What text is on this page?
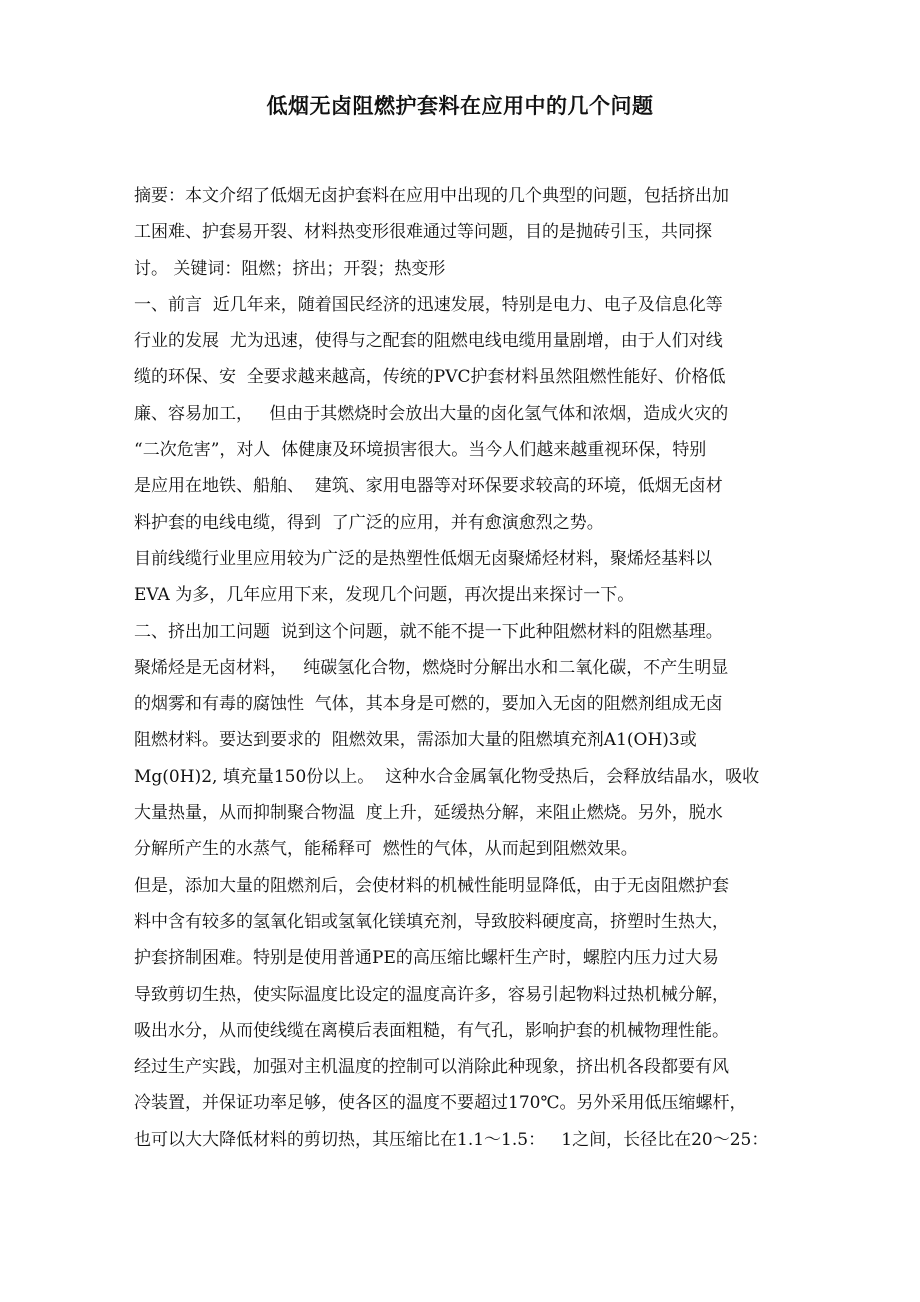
低烟无卤阻燃护套料在应用中的几个问题
摘要：本文介绍了低烟无卤护套料在应用中出现的几个典型的问题，包括挤出加
工困难、护套易开裂、材料热变形很难通过等问题，目的是抛砖引玉，共同探
讨。 关键词：阻燃；挤出；开裂；热变形
一、前言  近几年来，随着国民经济的迅速发展，特别是电力、电子及信息化等
行业的发展  尤为迅速，使得与之配套的阻燃电线电缆用量剧增，由于人们对线
缆的环保、安  全要求越来越高，传统的PVC护套材料虽然阻燃性能好、价格低
廉、容易加工，   但由于其燃烧时会放出大量的卤化氢气体和浓烟，造成火灾的
“二次危害”，对人  体健康及环境损害很大。当今人们越来越重视环保，特别
是应用在地铁、船舶、  建筑、家用电器等对环保要求较高的环境，低烟无卤材
料护套的电线电缆，得到  了广泛的应用，并有愈演愈烈之势。
目前线缆行业里应用较为广泛的是热塑性低烟无卤聚烯烃材料，聚烯烃基料以
EVA 为多，几年应用下来，发现几个问题，再次提出来探讨一下。
二、挤出加工问题  说到这个问题，就不能不提一下此种阻燃材料的阻燃基理。
聚烯烃是无卤材料，   纯碳氢化合物，燃烧时分解出水和二氧化碳，不产生明显
的烟雾和有毒的腐蚀性  气体，其本身是可燃的，要加入无卤的阻燃剂组成无卤
阻燃材料。要达到要求的  阻燃效果，需添加大量的阻燃填充剂A1(OH)3或
Mg(0H)2, 填充量150份以上。  这种水合金属氧化物受热后，会释放结晶水，吸收
大量热量，从而抑制聚合物温  度上升，延缓热分解，来阻止燃烧。另外，脱水
分解所产生的水蒸气，能稀释可  燃性的气体，从而起到阻燃效果。
但是，添加大量的阻燃剂后，会使材料的机械性能明显降低，由于无卤阻燃护套
料中含有较多的氢氧化铝或氢氧化镁填充剂，导致胶料硬度高，挤塑时生热大，
护套挤制困难。特别是使用普通PE的高压缩比螺杆生产时，螺腔内压力过大易
导致剪切生热，使实际温度比设定的温度高许多，容易引起物料过热机械分解，
吸出水分，从而使线缆在离模后表面粗糙，有气孔，影响护套的机械物理性能。
经过生产实践，加强对主机温度的控制可以消除此种现象，挤出机各段都要有风
冷装置，并保证功率足够，使各区的温度不要超过170℃。另外采用低压缩螺杆，
也可以大大降低材料的剪切热，其压缩比在1.1～1.5：   1之间，长径比在20～25：
